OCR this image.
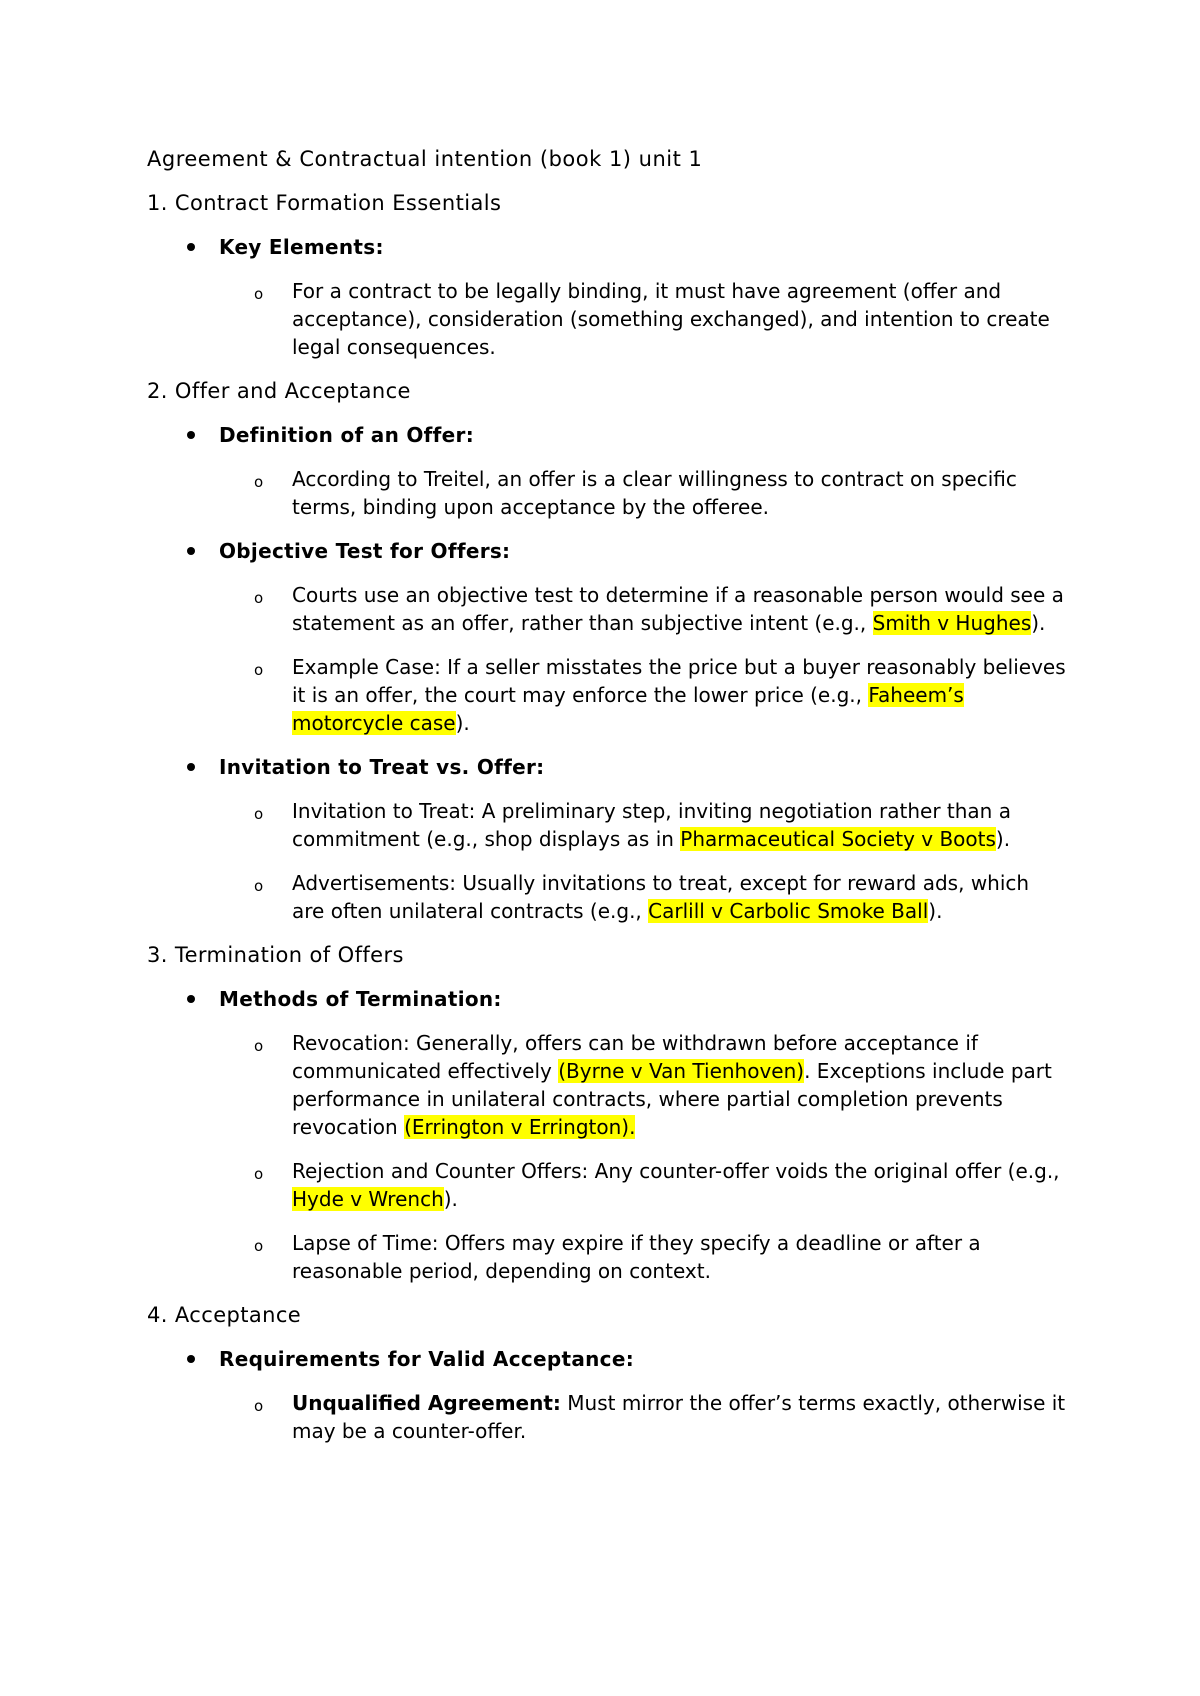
Agreement & Contractual intention (book 1) unit 1
1. Contract Formation Essentials
Key Elements:
o For a contract to be legally binding, it must have agreement (offer and acceptance), consideration (something exchanged), and intention to create legal consequences.
2. Offer and Acceptance
Definition of an Offer:
o According to Treitel, an offer is a clear willingness to contract on specific terms, binding upon acceptance by the offeree.
Objective Test for Offers:
o Courts use an objective test to determine if a reasonable person would see a statement as an offer, rather than subjective intent (e.g., Smith v Hughes).
o Example Case: If a seller misstates the price but a buyer reasonably believes it is an offer, the court may enforce the lower price (e.g., Faheem’s motorcycle case).
Invitation to Treat vs. Offer:
o Invitation to Treat: A preliminary step, inviting negotiation rather than a commitment (e.g., shop displays as in Pharmaceutical Society v Boots).
o Advertisements: Usually invitations to treat, except for reward ads, which are often unilateral contracts (e.g., Carlill v Carbolic Smoke Ball).
3. Termination of Offers
Methods of Termination:
o Revocation: Generally, offers can be withdrawn before acceptance if communicated effectively (Byrne v Van Tienhoven). Exceptions include part performance in unilateral contracts, where partial completion prevents revocation (Errington v Errington).
o Rejection and Counter Offers: Any counter-offer voids the original offer (e.g., Hyde v Wrench).
o Lapse of Time: Offers may expire if they specify a deadline or after a reasonable period, depending on context.
4. Acceptance
Requirements for Valid Acceptance:
o Unqualified Agreement: Must mirror the offer’s terms exactly, otherwise it may be a counter-offer.
